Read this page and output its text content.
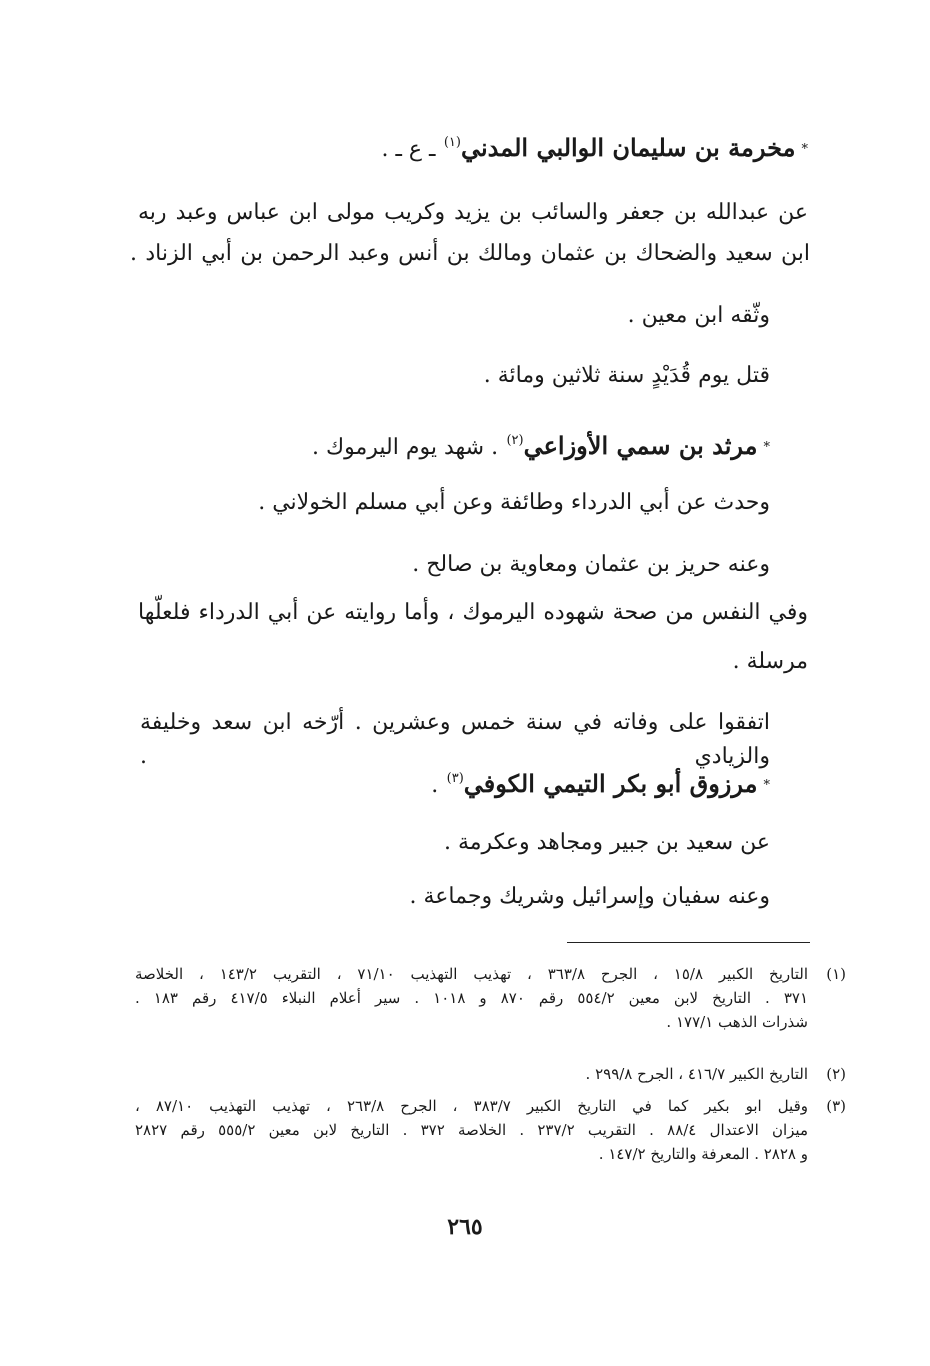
*مخرمة بن سليمان الوالبي المدني$^{(١)}$ ـ ع ـ .
عن عبدالله بن جعفر والسائب بن يزيد وكريب مولى ابن عباس وعبد ربه
ابن سعيد والضحاك بن عثمان ومالك بن أنس وعبد الرحمن بن أبي الزناد .
وثّقه ابن معين .
قتل يوم قُدَيْدٍ سنة ثلاثين ومائة .
*مرثد بن سمي الأوزاعي$^{(٢)}$ . شهد يوم اليرموك .
وحدث عن أبي الدرداء وطائفة وعن أبي مسلم الخولاني .
وعنه حريز بن عثمان ومعاوية بن صالح .
وفي النفس من صحة شهوده اليرموك ، وأما روايته عن أبي الدرداء فلعلّها
مرسلة .
اتفقوا على وفاته في سنة خمس وعشرين . أرّخه ابن سعد وخليفة والزيادي .
*مرزوق أبو بكر التيمي الكوفي$^{(٣)}$ .
عن سعيد بن جبير ومجاهد وعكرمة .
وعنه سفيان وإسرائيل وشريك وجماعة .
(١)
التاريخ الكبير ١٥/٨ ، الجرح ٣٦٣/٨ ، تهذيب التهذيب ٧١/١٠ ، التقريب ١٤٣/٢ ، الخلاصة
٣٧١ . التاريخ لابن معين ٥٥٤/٢ رقم ٨٧٠ و ١٠١٨ . سير أعلام النبلاء ٤١٧/٥ رقم ١٨٣ .
شذرات الذهب ١٧٧/١ .
(٢)
التاريخ الكبير ٤١٦/٧ ، الجرح ٢٩٩/٨ .
(٣)
وقيل ابو بكير كما في التاريخ الكبير ٣٨٣/٧ ، الجرح ٢٦٣/٨ ، تهذيب التهذيب ٨٧/١٠ ،
ميزان الاعتدال ٨٨/٤ . التقريب ٢٣٧/٢ . الخلاصة ٣٧٢ . التاريخ لابن معين ٥٥٥/٢ رقم ٢٨٢٧
و ٢٨٢٨ . المعرفة والتاريخ ١٤٧/٢ .
٢٦٥
